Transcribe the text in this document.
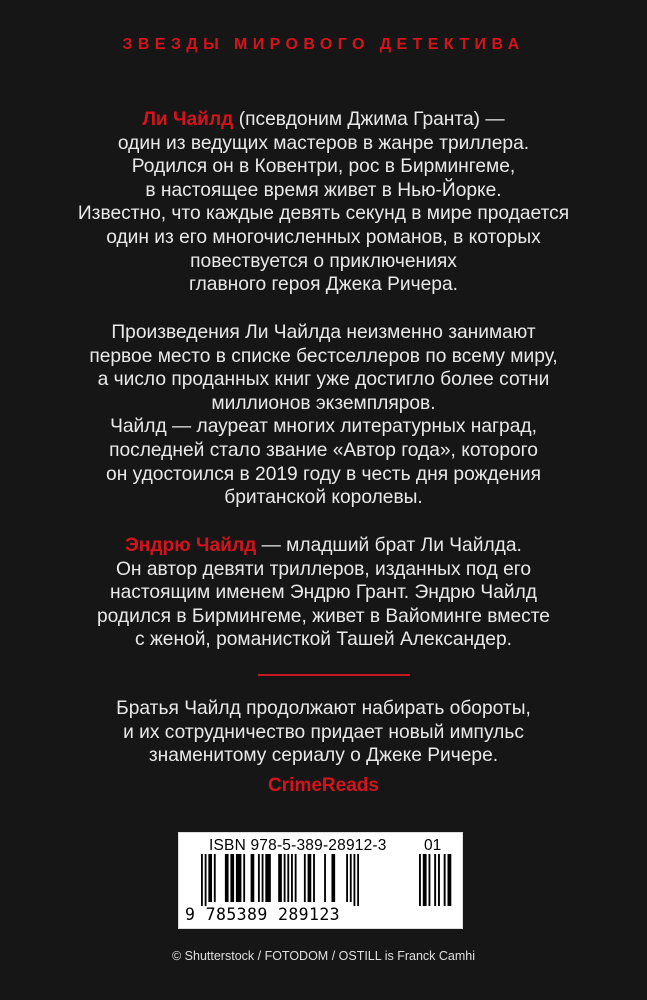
ЗВЕЗДЫ МИРОВОГО ДЕТЕКТИВА

Ли Чайлд (псевдоним Джима Гранта) —

один из ведущих мастеров в жанре триллера.

Родился он в Ковентри, рос в Бирмингеме,

в настоящее время живет в Нью-Йорке.

Известно, что каждые девять секунд в мире продается

один из его многочисленных романов, в которых

повествуется о приключениях

главного героя Джека Ричера.

Произведения Ли Чайлда неизменно занимают

первое место в списке бестселлеров по всему миру,

а число проданных книг уже достигло более сотни

миллионов экземпляров.

Чайлд — лауреат многих литературных наград,

последней стало звание «Автор года», которого

он удостоился в 2019 году в честь дня рождения

британской королевы.

Эндрю Чайлд — младший брат Ли Чайлда.

Он автор девяти триллеров, изданных под его

настоящим именем Эндрю Грант. Эндрю Чайлд

родился в Бирмингеме, живет в Вайоминге вместе

с женой, романисткой Ташей Александер.

Братья Чайлд продолжают набирать обороты,

и их сотрудничество придает новый импульс

знаменитому сериалу о Джеке Ричере.

CrimeReads
ISBN 978-5-389-28912-3 01
9 785389 289123
© Shutterstock / FOTODOM / OSTILL is Franck Camhi
